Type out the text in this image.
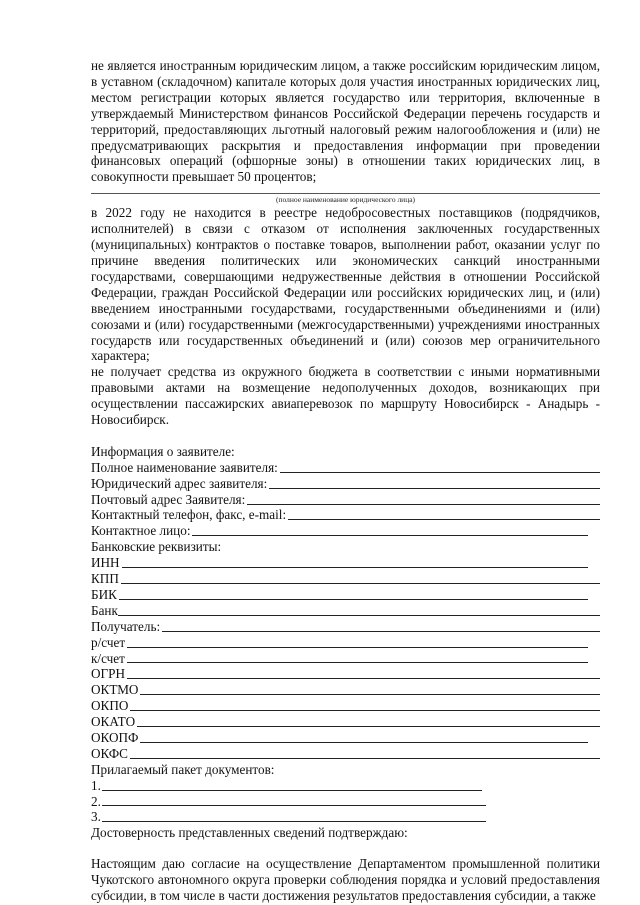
не является иностранным юридическим лицом, а также российским юридическим лицом, в уставном (складочном) капитале которых доля участия иностранных юридических лиц, местом регистрации которых является государство или территория, включенные в утверждаемый Министерством финансов Российской Федерации перечень государств и территорий, предоставляющих льготный налоговый режим налогообложения и (или) не предусматривающих раскрытия и предоставления информации при проведении финансовых операций (офшорные зоны) в отношении таких юридических лиц, в совокупности превышает 50 процентов;

(полное наименование юридического лица)

в 2022 году не находится в реестре недобросовестных поставщиков (подрядчиков, исполнителей) в связи с отказом от исполнения заключенных государственных (муниципальных) контрактов о поставке товаров, выполнении работ, оказании услуг по причине введения политических или экономических санкций иностранными государствами, совершающими недружественные действия в отношении Российской Федерации, граждан Российской Федерации или российских юридических лиц, и (или) введением иностранными государствами, государственными объединениями и (или) союзами и (или) государственными (межгосударственными) учреждениями иностранных государств или государственных объединений и (или) союзов мер ограничительного характера;

не получает средства из окружного бюджета в соответствии с иными нормативными правовыми актами на возмещение недополученных доходов, возникающих при осуществлении пассажирских авиаперевозок по маршруту Новосибирск - Анадырь - Новосибирск.

Информация о заявителе:

Полное наименование заявителя:
Юридический адрес заявителя:
Почтовый адрес Заявителя:
Контактный телефон, факс, e-mail:
Контактное лицо:

Банковские реквизиты:

ИНН
КПП
БИК
Банк
Получатель:
р/счет
к/счет
ОГРН
ОКТМО
ОКПО
ОКАТО
ОКОПФ
ОКФС

Прилагаемый пакет документов:

1.
2.
3.

Достоверность представленных сведений подтверждаю:

Настоящим даю согласие на осуществление Департаментом промышленной политики Чукотского автономного округа проверки соблюдения порядка и условий предоставления субсидии, в том числе в части достижения результатов предоставления субсидии, а также
